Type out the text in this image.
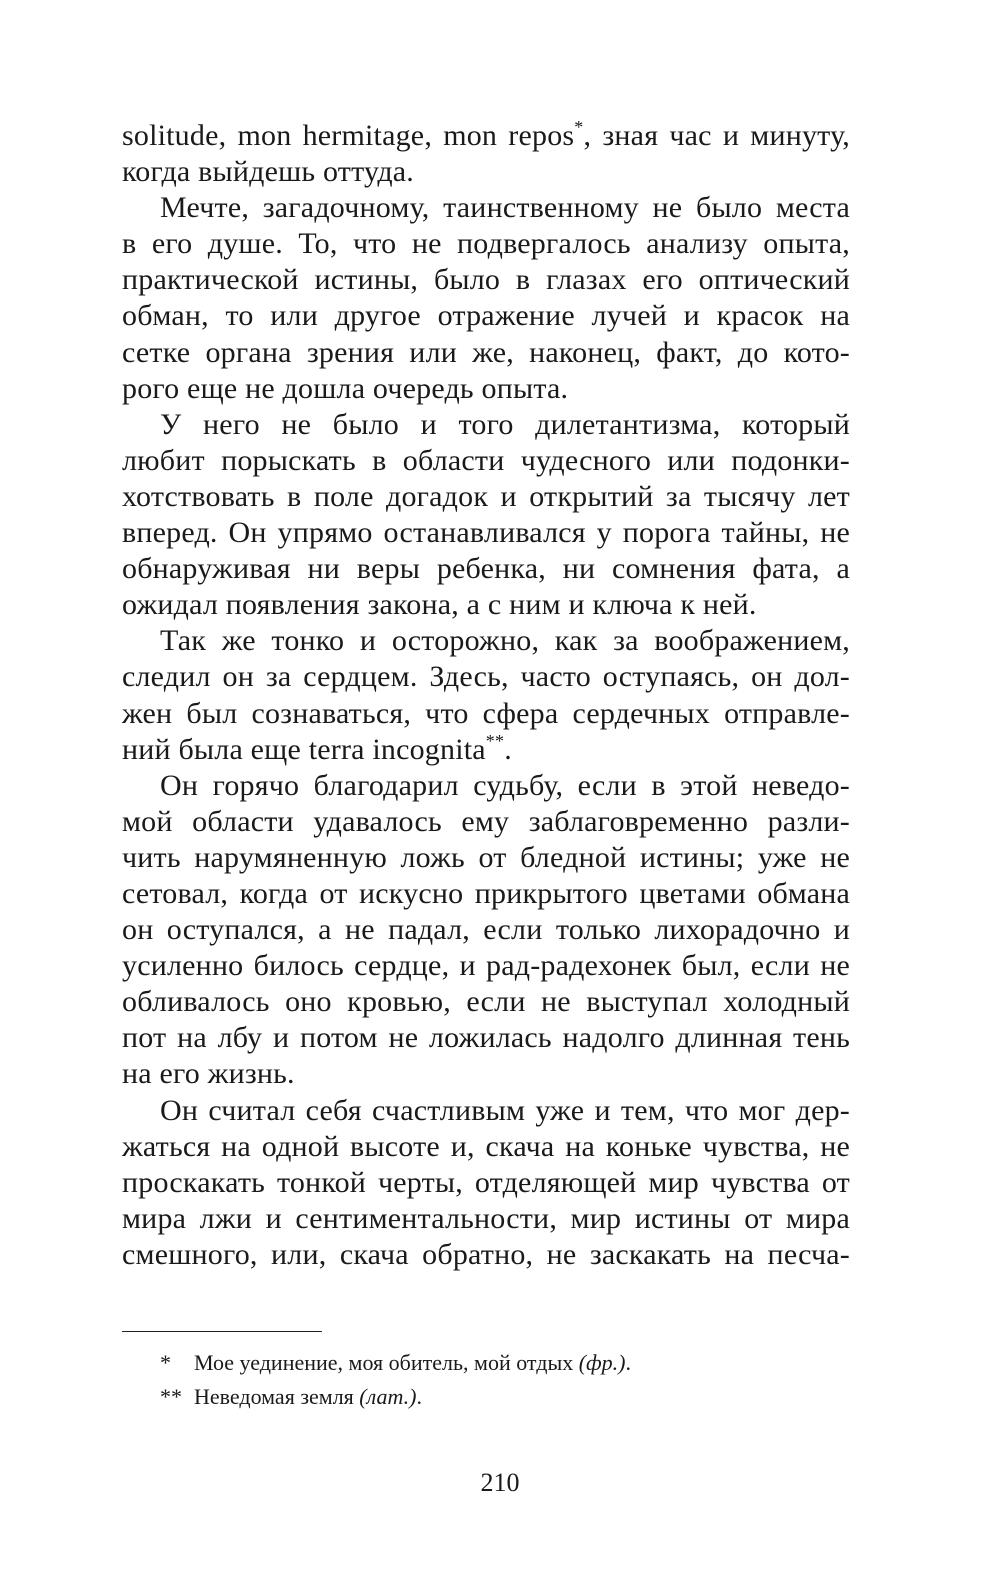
solitude, mon hermitage, mon repos*, зная час и минуту,
когда выйдешь оттуда.
Мечте, загадочному, таинственному не было места
в его душе. То, что не подвергалось анализу опыта,
практической истины, было в глазах его оптический
обман, то или другое отражение лучей и красок на
сетке органа зрения или же, наконец, факт, до кото-
рого еще не дошла очередь опыта.
У него не было и того дилетантизма, который
любит порыскать в области чудесного или подонки-
хотствовать в поле догадок и открытий за тысячу лет
вперед. Он упрямо останавливался у порога тайны, не
обнаруживая ни веры ребенка, ни сомнения фата, а
ожидал появления закона, а с ним и ключа к ней.
Так же тонко и осторожно, как за воображением,
следил он за сердцем. Здесь, часто оступаясь, он дол-
жен был сознаваться, что сфера сердечных отправле-
ний была еще terra incognita**.
Он горячо благодарил судьбу, если в этой неведо-
мой области удавалось ему заблаговременно разли-
чить нарумяненную ложь от бледной истины; уже не
сетовал, когда от искусно прикрытого цветами обмана
он оступался, а не падал, если только лихорадочно и
усиленно билось сердце, и рад-радехонек был, если не
обливалось оно кровью, если не выступал холодный
пот на лбу и потом не ложилась надолго длинная тень
на его жизнь.
Он считал себя счастливым уже и тем, что мог дер-
жаться на одной высоте и, скача на коньке чувства, не
проскакать тонкой черты, отделяющей мир чувства от
мира лжи и сентиментальности, мир истины от мира
смешного, или, скача обратно, не заскакать на песча-
* Мое уединение, моя обитель, мой отдых (фр.).
** Неведомая земля (лат.).
210
